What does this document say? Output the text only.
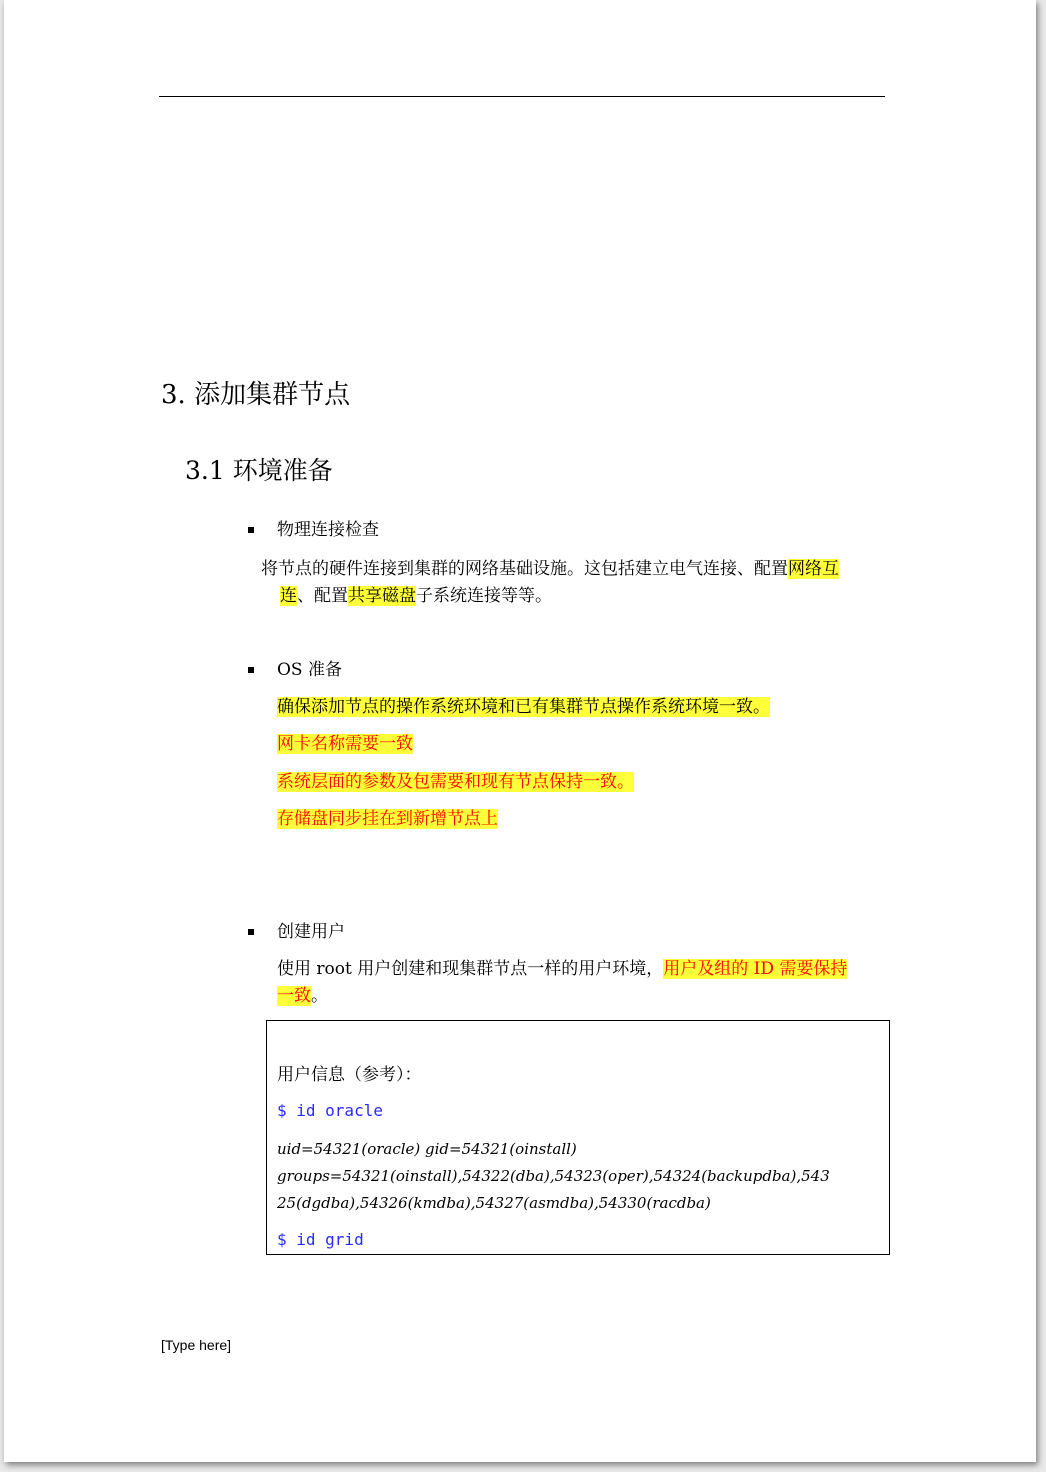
3. 添加集群节点
3.1 环境准备
物理连接检查
将节点的硬件连接到集群的网络基础设施。这包括建立电气连接、配置网络互
连、配置共享磁盘子系统连接等等。
OS 准备
确保添加节点的操作系统环境和已有集群节点操作系统环境一致。
网卡名称需要一致
系统层面的参数及包需要和现有节点保持一致。
存储盘同步挂在到新增节点上
创建用户
使用 root 用户创建和现集群节点一样的用户环境，用户及组的 ID 需要保持
一致。
用户信息（参考）：
$ id oracle
uid=54321(oracle) gid=54321(oinstall)
groups=54321(oinstall),54322(dba),54323(oper),54324(backupdba),543
25(dgdba),54326(kmdba),54327(asmdba),54330(racdba)
$ id grid
[Type here]
